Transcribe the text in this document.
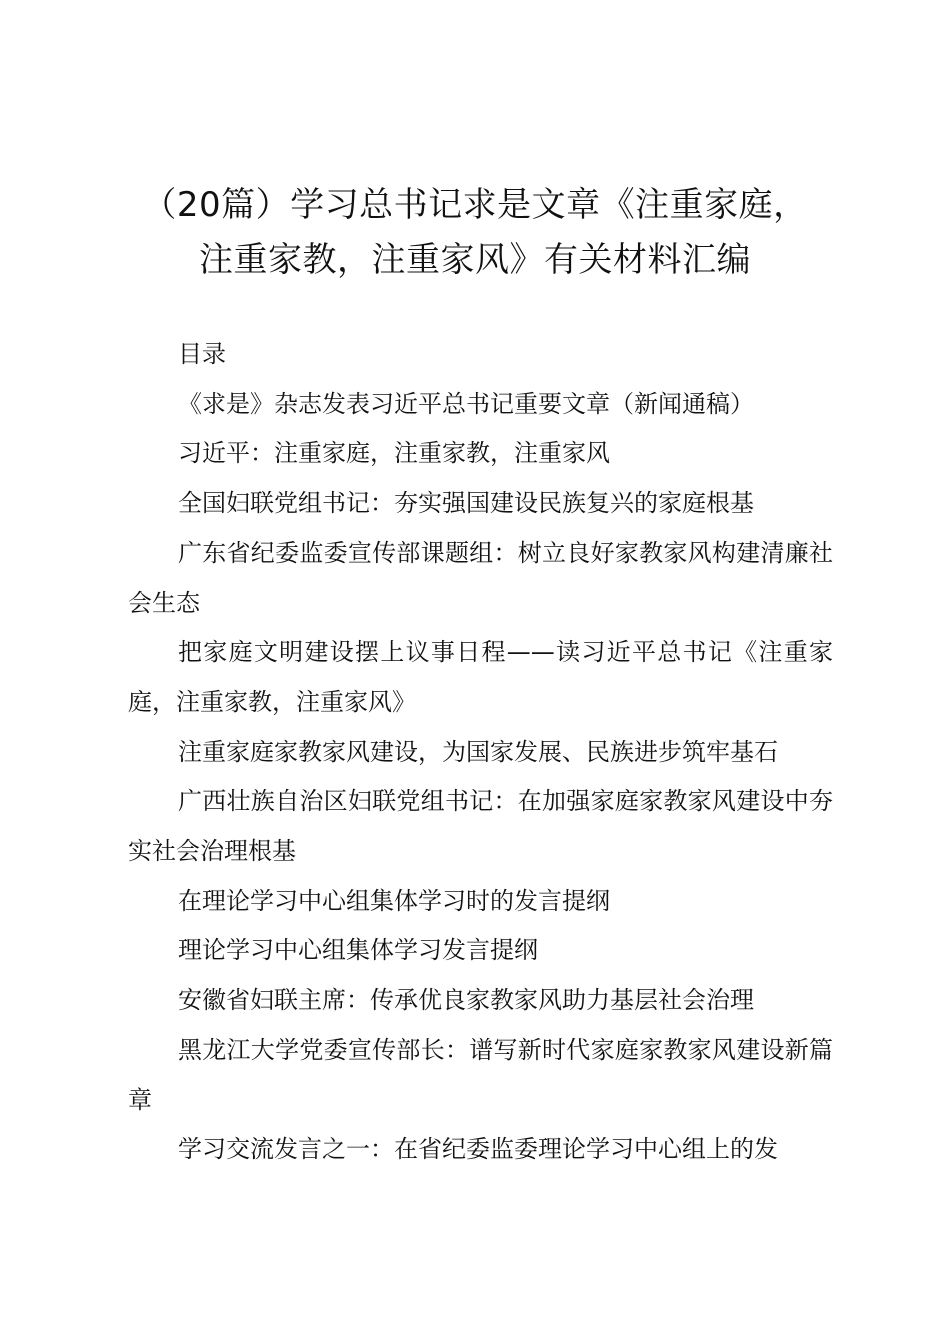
（20篇）学习总书记求是文章《注重家庭，
注重家教，注重家风》有关材料汇编

目录

《求是》杂志发表习近平总书记重要文章（新闻通稿）

习近平：注重家庭，注重家教，注重家风

全国妇联党组书记：夯实强国建设民族复兴的家庭根基

广东省纪委监委宣传部课题组：树立良好家教家风构建清廉社会生态

把家庭文明建设摆上议事日程——读习近平总书记《注重家庭，注重家教，注重家风》

注重家庭家教家风建设，为国家发展、民族进步筑牢基石

广西壮族自治区妇联党组书记：在加强家庭家教家风建设中夯实社会治理根基

在理论学习中心组集体学习时的发言提纲

理论学习中心组集体学习发言提纲

安徽省妇联主席：传承优良家教家风助力基层社会治理

黑龙江大学党委宣传部长：谱写新时代家庭家教家风建设新篇章

学习交流发言之一：在省纪委监委理论学习中心组上的发
